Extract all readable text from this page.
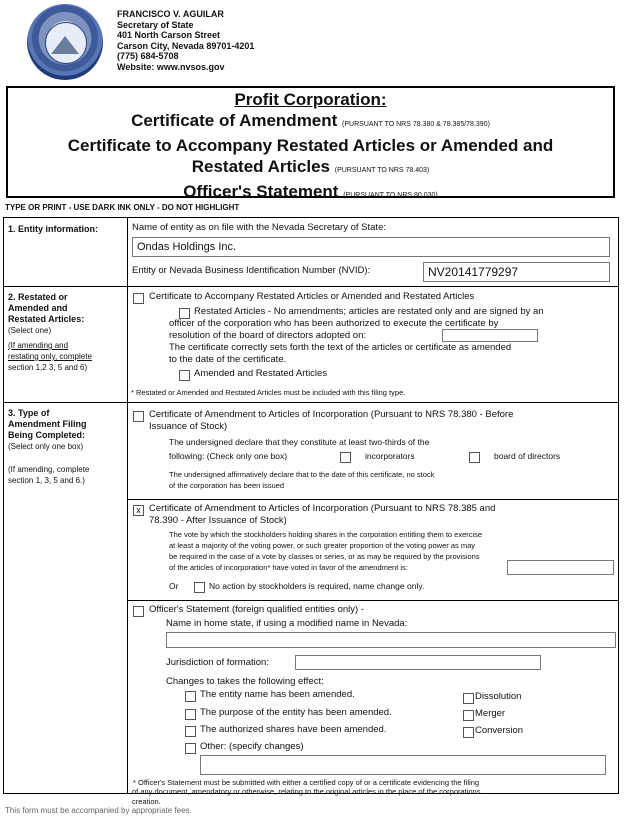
FRANCISCO V. AGUILAR
Secretary of State
401 North Carson Street
Carson City, Nevada 89701-4201
(775) 684-5708
Website: www.nvsos.gov
Profit Corporation:
Certificate of Amendment (PURSUANT TO NRS 78.380 & 78.385/78.390)
Certificate to Accompany Restated Articles or Amended and
Restated Articles (PURSUANT TO NRS 78.403)
Officer's Statement (PURSUANT TO NRS 80.030)
TYPE OR PRINT - USE DARK INK ONLY - DO NOT HIGHLIGHT
1. Entity information:	Name of entity as on file with the Nevada Secretary of State:
Ondas Holdings Inc.
Entity or Nevada Business Identification Number (NVID):	NV20141779297
2. Restated or
Amended and
Restated Articles:
(Select one)
(If amending and
restating only, complete
section 1,2 3, 5 and 6)
Certificate to Accompany Restated Articles or Amended and Restated Articles
Restated Articles - No amendments; articles are restated only and are signed by an
officer of the corporation who has been authorized to execute the certificate by
resolution of the board of directors adopted on:
The certificate correctly sets forth the text of the articles or certificate as amended
to the date of the certificate.
Amended and Restated Articles
* Restated or Amended and Restated Articles must be included with this filing type.
3. Type of
Amendment Filing
Being Completed:
(Select only one box)
(If amending, complete
section 1, 3, 5 and 6.)
Certificate of Amendment to Articles of Incorporation (Pursuant to NRS 78.380 - Before
Issuance of Stock)
The undersigned declare that they constitute at least two-thirds of the
following: (Check only one box)	incorporators	board of directors
The undersigned affirmatively declare that to the date of this certificate, no stock
of the corporation has been issued
x Certificate of Amendment to Articles of Incorporation (Pursuant to NRS 78.385 and
78.390 - After Issuance of Stock)
The vote by which the stockholders holding shares in the corporation entitling them to exercise
at least a majority of the voting power, or such greater proportion of the voting power as may
be required in the case of a vote by classes or series, or as may be required by the provisions
of the articles of incorporation* have voted in favor of the amendment is:
Or	No action by stockholders is required, name change only.
Officer's Statement (foreign qualified entities only) -
Name in home state, if using a modified name in Nevada:
Jurisdiction of formation:
Changes to takes the following effect:
The entity name has been amended.
The purpose of the entity has been amended.
The authorized shares have been amended.
Other: (specify changes)
Dissolution
Merger
Conversion
* Officer's Statement must be submitted with either a certified copy of or a certificate evidencing the filing
of any document, amendatory or otherwise, relating to the original articles in the place of the corporations
creation.
This form must be accompanied by appropriate fees.
